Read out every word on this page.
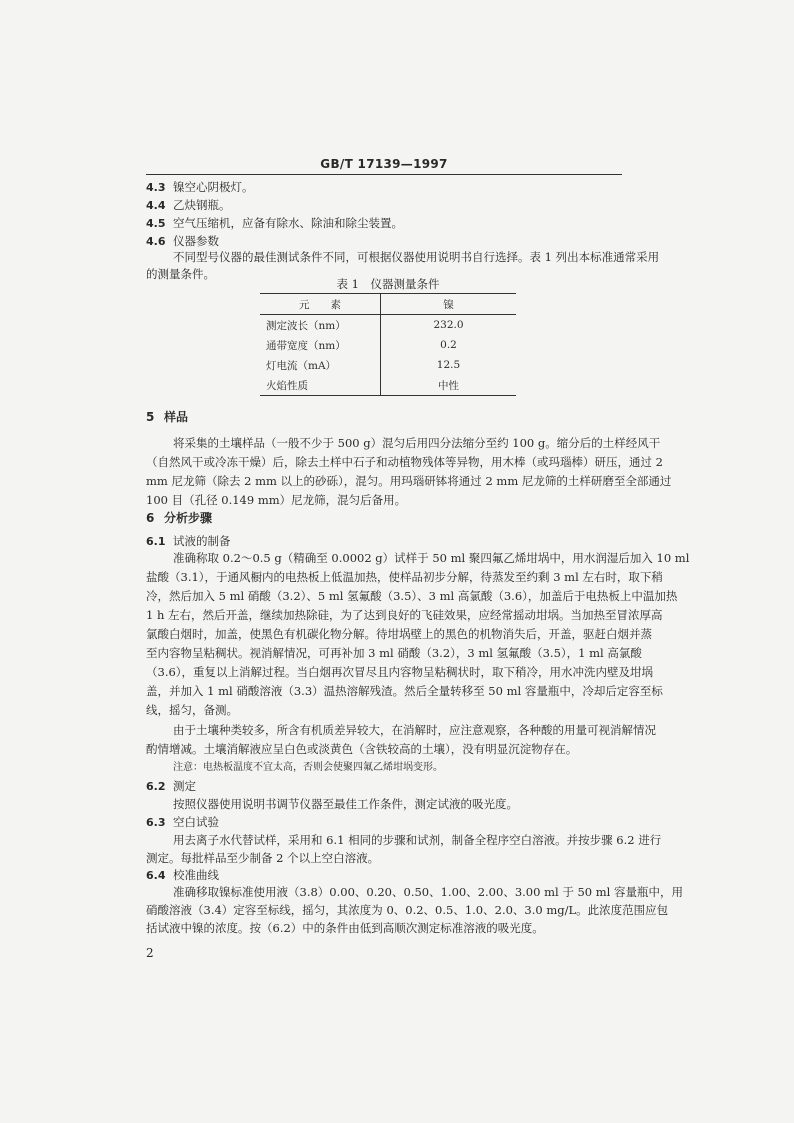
GB/T 17139—1997
4.3 镍空心阴极灯。
4.4 乙炔钢瓶。
4.5 空气压缩机，应备有除水、除油和除尘装置。
4.6 仪器参数
不同型号仪器的最佳测试条件不同，可根据仪器使用说明书自行选择。表 1 列出本标准通常采用
的测量条件。
表 1　仪器测量条件
元　　素	镍
测定波长（nm）	232.0
通带宽度（nm）	0.2
灯电流（mA）	12.5
火焰性质	中性
5 样品
将采集的土壤样品（一般不少于 500 g）混匀后用四分法缩分至约 100 g。缩分后的土样经风干
（自然风干或冷冻干燥）后，除去土样中石子和动植物残体等异物，用木棒（或玛瑙棒）研压，通过 2
mm 尼龙筛（除去 2 mm 以上的砂砾），混匀。用玛瑙研钵将通过 2 mm 尼龙筛的土样研磨至全部通过
100 目（孔径 0.149 mm）尼龙筛，混匀后备用。
6 分析步骤
6.1 试液的制备
准确称取 0.2～0.5 g（精确至 0.0002 g）试样于 50 ml 聚四氟乙烯坩埚中，用水润湿后加入 10 ml
盐酸（3.1），于通风橱内的电热板上低温加热，使样品初步分解，待蒸发至约剩 3 ml 左右时，取下稍
冷，然后加入 5 ml 硝酸（3.2）、5 ml 氢氟酸（3.5）、3 ml 高氯酸（3.6），加盖后于电热板上中温加热
1 h 左右，然后开盖，继续加热除硅，为了达到良好的飞硅效果，应经常摇动坩埚。当加热至冒浓厚高
氯酸白烟时，加盖，使黑色有机碳化物分解。待坩埚壁上的黑色的机物消失后，开盖，驱赶白烟并蒸
至内容物呈粘稠状。视消解情况，可再补加 3 ml 硝酸（3.2），3 ml 氢氟酸（3.5），1 ml 高氯酸
（3.6），重复以上消解过程。当白烟再次冒尽且内容物呈粘稠状时，取下稍冷，用水冲洗内壁及坩埚
盖，并加入 1 ml 硝酸溶液（3.3）温热溶解残渣。然后全量转移至 50 ml 容量瓶中，冷却后定容至标
线，摇匀，备测。
由于土壤种类较多，所含有机质差异较大，在消解时，应注意观察，各种酸的用量可视消解情况
酌情增减。土壤消解液应呈白色或淡黄色（含铁较高的土壤），没有明显沉淀物存在。
注意：电热板温度不宜太高，否则会使聚四氟乙烯坩埚变形。
6.2 测定
按照仪器使用说明书调节仪器至最佳工作条件，测定试液的吸光度。
6.3 空白试验
用去离子水代替试样，采用和 6.1 相同的步骤和试剂，制备全程序空白溶液。并按步骤 6.2 进行
测定。每批样品至少制备 2 个以上空白溶液。
6.4 校准曲线
准确移取镍标准使用液（3.8）0.00、0.20、0.50、1.00、2.00、3.00 ml 于 50 ml 容量瓶中，用
硝酸溶液（3.4）定容至标线，摇匀，其浓度为 0、0.2、0.5、1.0、2.0、3.0 mg/L。此浓度范围应包
括试液中镍的浓度。按（6.2）中的条件由低到高顺次测定标准溶液的吸光度。
2
